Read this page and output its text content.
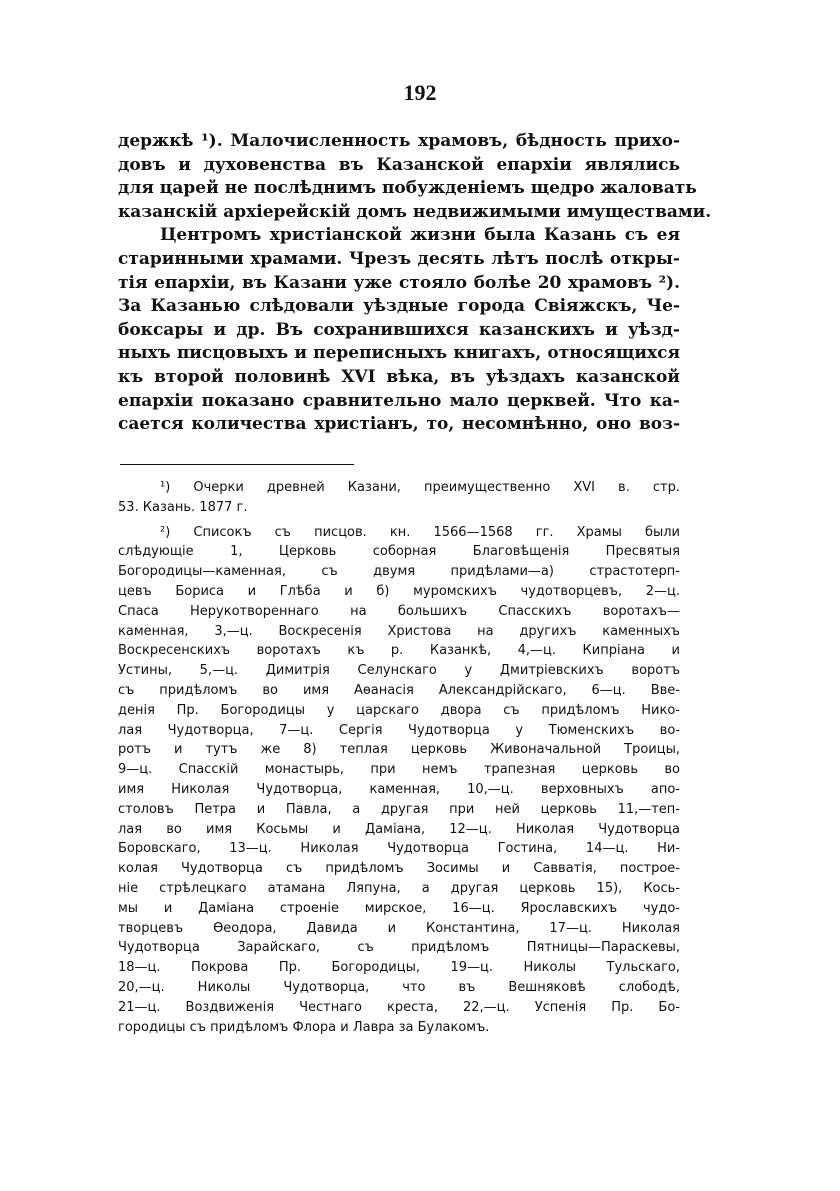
192

держкѣ ¹). Малочисленность храмовъ, бѣдность прихо-
довъ и духовенства въ Казанской епархіи являлись
для царей не послѣднимъ побужденіемъ щедро жаловать
казанскій архіерейскій домъ недвижимыми имуществами.

Центромъ христіанской жизни была Казань съ ея
старинными храмами. Чрезъ десять лѣтъ послѣ откры-
тія епархіи, въ Казани уже стояло болѣе 20 храмовъ ²).
За Казанью слѣдовали уѣздные города Свіяжскъ, Че-
боксары и др. Въ сохранившихся казанскихъ и уѣзд-
ныхъ писцовыхъ и переписныхъ книгахъ, относящихся
къ второй половинѣ XVI вѣка, въ уѣздахъ казанской
епархіи показано сравнительно мало церквей. Что ка-
сается количества христіанъ, то, несомнѣнно, оно воз-

¹) Очерки древней Казани, преимущественно XVI в. стр.
53. Казань. 1877 г.

²) Списокъ съ писцов. кн. 1566—1568 гг. Храмы были
слѣдующіе 1, Церковь соборная Благовѣщенія Пресвятыя
Богородицы—каменная, съ двумя придѣлами—а) страстотерп-
цевъ Бориса и Глѣба и б) муромскихъ чудотворцевъ, 2—ц.
Спаса Нерукотвореннаго на большихъ Спасскихъ воротахъ—
каменная, 3,—ц. Воскресенія Христова на другихъ каменныхъ
Воскресенскихъ воротахъ къ р. Казанкѣ, 4,—ц. Кипріана и
Устины, 5,—ц. Димитрія Селунскаго у Дмитріевскихъ воротъ
съ придѣломъ во имя Аѳанасія Александрійскаго, 6—ц. Вве-
денія Пр. Богородицы у царскаго двора съ придѣломъ Нико-
лая Чудотворца, 7—ц. Сергія Чудотворца у Тюменскихъ во-
ротъ и тутъ же 8) теплая церковь Живоначальной Троицы,
9—ц. Спасскій монастырь, при немъ трапезная церковь во
имя Николая Чудотворца, каменная, 10,—ц. верховныхъ апо-
столовъ Петра и Павла, а другая при ней церковь 11,—теп-
лая во имя Косьмы и Даміана, 12—ц. Николая Чудотворца
Боровскаго, 13—ц. Николая Чудотворца Гостина, 14—ц. Ни-
колая Чудотворца съ придѣломъ Зосимы и Савватія, построе-
ніе стрѣлецкаго атамана Ляпуна, а другая церковь 15), Кось-
мы и Даміана строеніе мирское, 16—ц. Ярославскихъ чудо-
творцевъ Ѳеодора, Давида и Константина, 17—ц. Николая
Чудотворца Зарайскаго, съ придѣломъ Пятницы—Параскевы,
18—ц. Покрова Пр. Богородицы, 19—ц. Николы Тульскаго,
20,—ц. Николы Чудотворца, что въ Вешняковѣ слободѣ,
21—ц. Воздвиженія Честнаго креста, 22,—ц. Успенія Пр. Бо-
городицы съ придѣломъ Флора и Лавра за Булакомъ.
